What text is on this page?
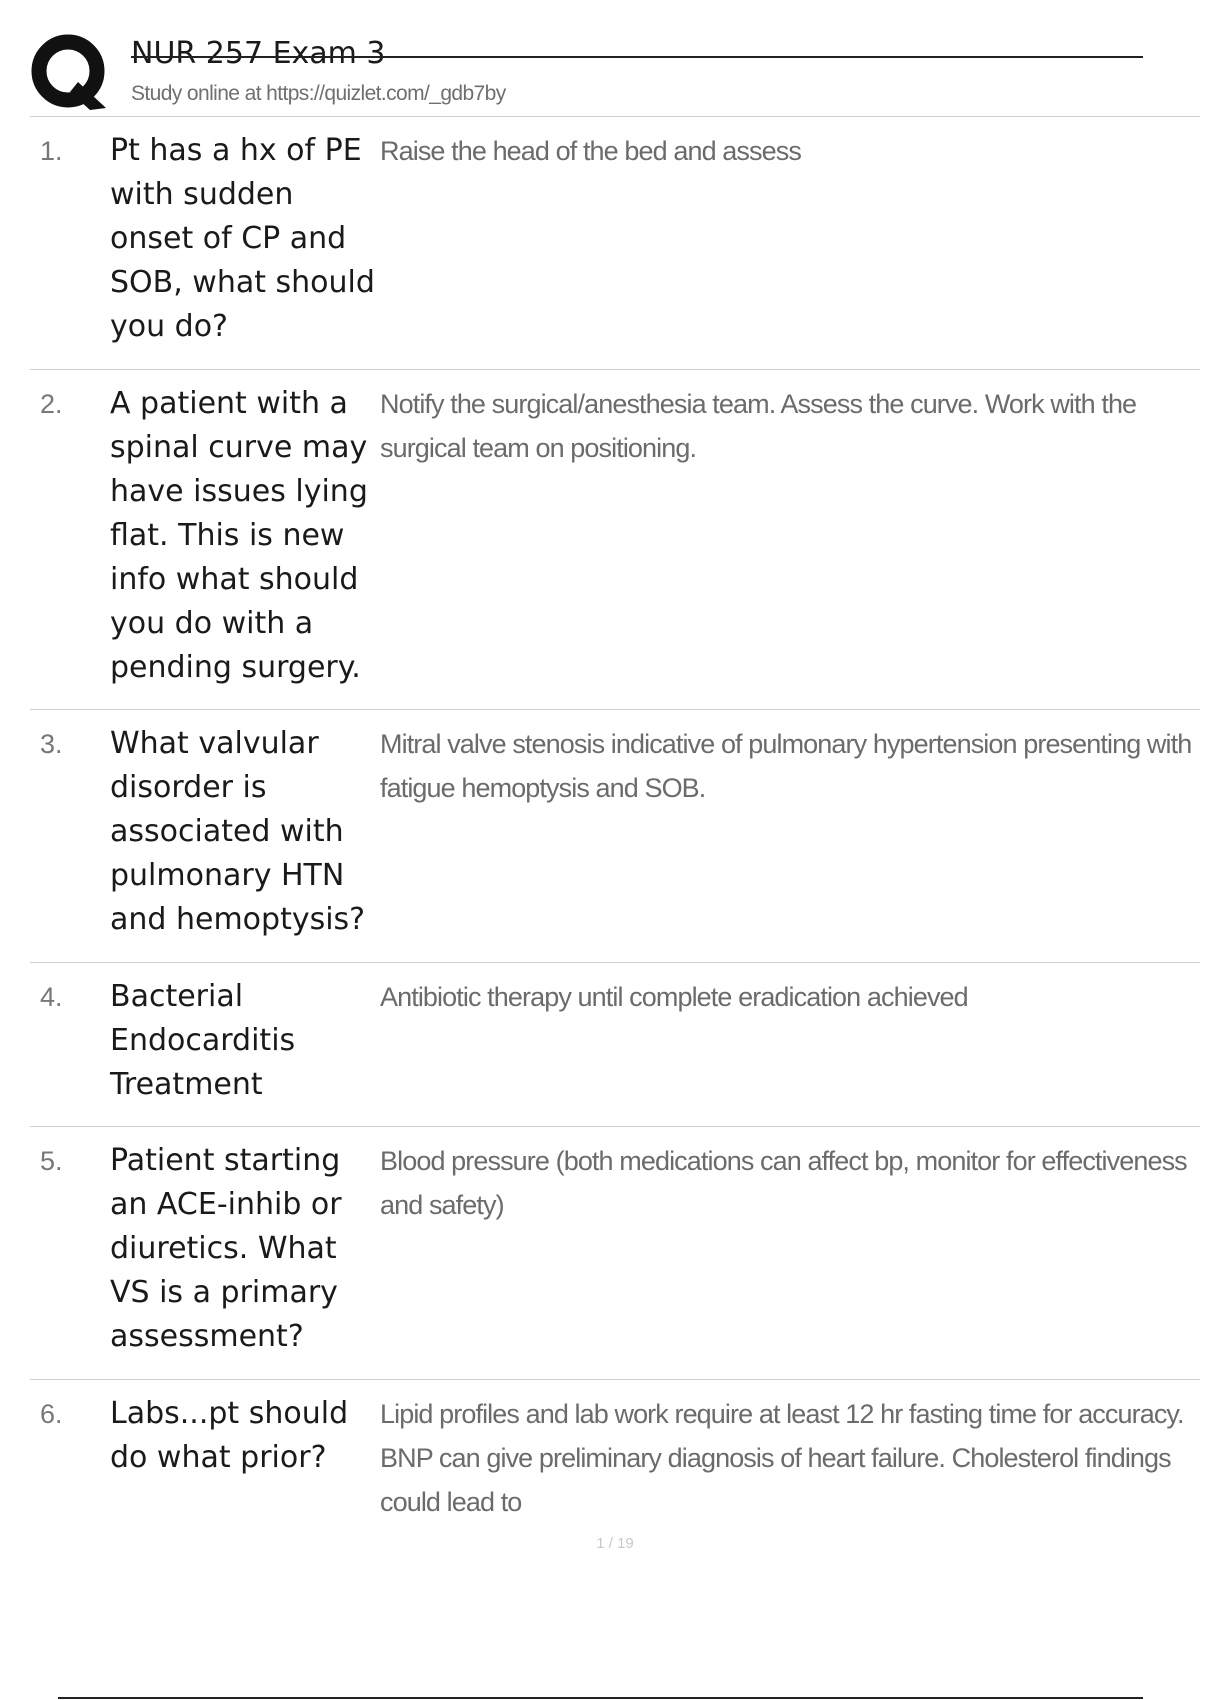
NUR 257 Exam 3
Study online at https://quizlet.com/_gdb7by
1.	Pt has a hx of PE with sudden onset of CP and SOB, what should you do?
Raise the head of the bed and assess
2.	A patient with a spinal curve may have issues lying flat. This is new info what should you do with a pending surgery.
Notify the surgical/anesthesia team. Assess the curve. Work with the surgical team on positioning.
3.	What valvular disorder is associated with pulmonary HTN and hemoptysis?
Mitral valve stenosis indicative of pulmonary hypertension presenting with fatigue hemoptysis and SOB.
4.	Bacterial Endocarditis Treatment
Antibiotic therapy until complete eradication achieved
5.	Patient starting an ACE-inhib or diuretics. What VS is a primary assessment?
Blood pressure (both medications can affect bp, monitor for effectiveness and safety)
6.	Labs...pt should do what prior?
Lipid profiles and lab work require at least 12 hr fasting time for accuracy. BNP can give preliminary diagnosis of heart failure. Cholesterol findings could lead to
1 / 19
